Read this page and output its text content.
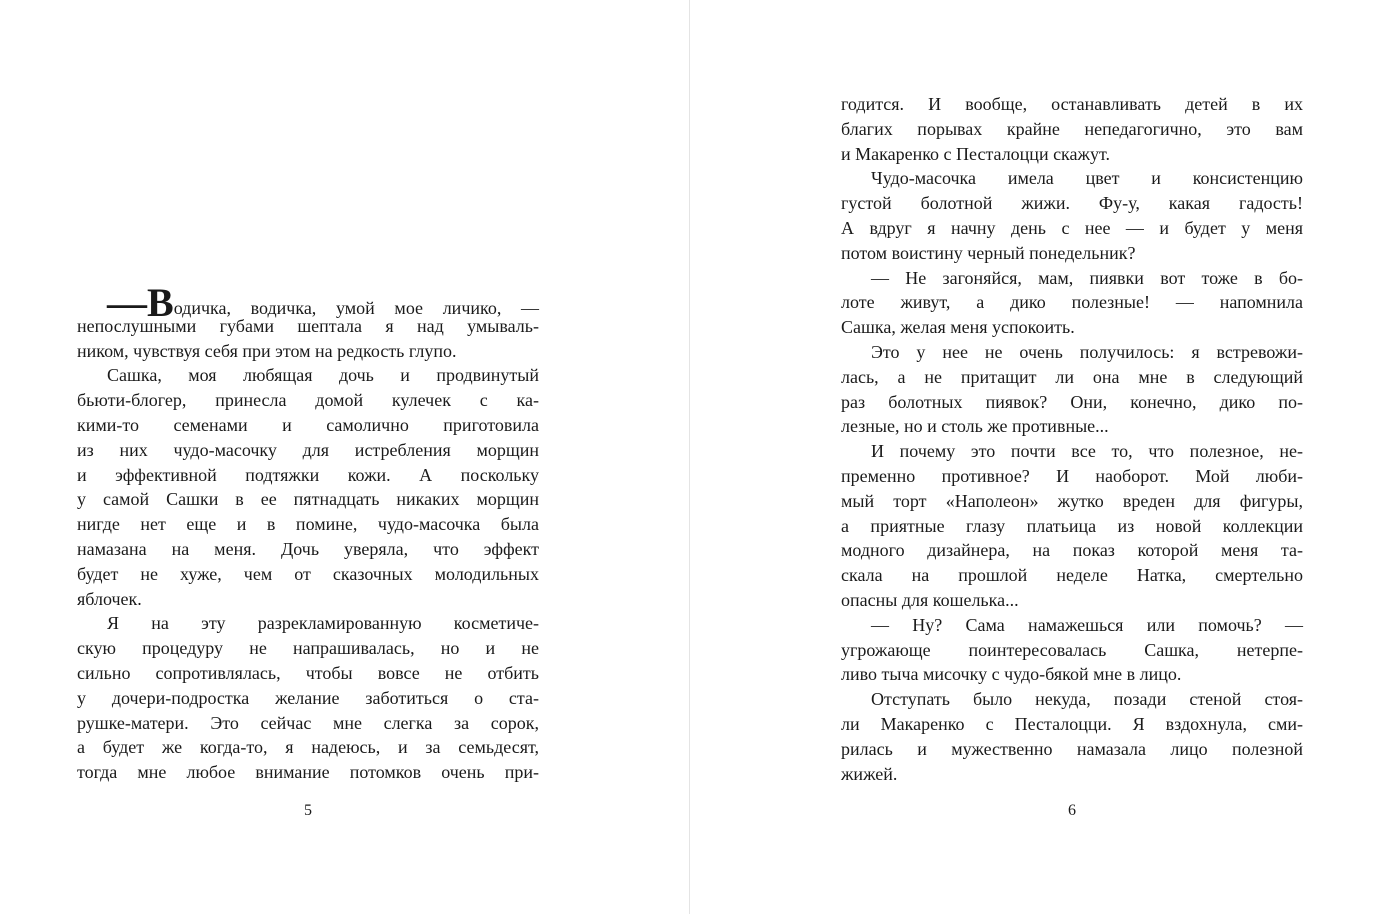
—Водичка, водичка, умой мое личико, —
непослушными губами шептала я над умываль-
ником, чувствуя себя при этом на редкость глупо.
Сашка, моя любящая дочь и продвинутый
бьюти-блогер, принесла домой кулечек с ка-
кими-то семенами и самолично приготовила
из них чудо-масочку для истребления морщин
и эффективной подтяжки кожи. А поскольку
у самой Сашки в ее пятнадцать никаких морщин
нигде нет еще и в помине, чудо-масочка была
намазана на меня. Дочь уверяла, что эффект
будет не хуже, чем от сказочных молодильных
яблочек.
Я на эту разрекламированную косметиче-
скую процедуру не напрашивалась, но и не
сильно сопротивлялась, чтобы вовсе не отбить
у дочери-подростка желание заботиться о ста-
рушке-матери. Это сейчас мне слегка за сорок,
а будет же когда-то, я надеюсь, и за семьдесят,
тогда мне любое внимание потомков очень при-
5
годится. И вообще, останавливать детей в их
благих порывах крайне непедагогично, это вам
и Макаренко с Песталоцци скажут.
Чудо-масочка имела цвет и консистенцию
густой болотной жижи. Фу-у, какая гадость!
А вдруг я начну день с нее — и будет у меня
потом воистину черный понедельник?
— Не загоняйся, мам, пиявки вот тоже в бо-
лоте живут, а дико полезные! — напомнила
Сашка, желая меня успокоить.
Это у нее не очень получилось: я встревожи-
лась, а не притащит ли она мне в следующий
раз болотных пиявок? Они, конечно, дико по-
лезные, но и столь же противные...
И почему это почти все то, что полезное, не-
пременно противное? И наоборот. Мой люби-
мый торт «Наполеон» жутко вреден для фигуры,
а приятные глазу платьица из новой коллекции
модного дизайнера, на показ которой меня та-
скала на прошлой неделе Натка, смертельно
опасны для кошелька...
— Ну? Сама намажешься или помочь? —
угрожающе поинтересовалась Сашка, нетерпе-
ливо тыча мисочку с чудо-бякой мне в лицо.
Отступать было некуда, позади стеной стоя-
ли Макаренко с Песталоцци. Я вздохнула, сми-
рилась и мужественно намазала лицо полезной
жижей.
6
